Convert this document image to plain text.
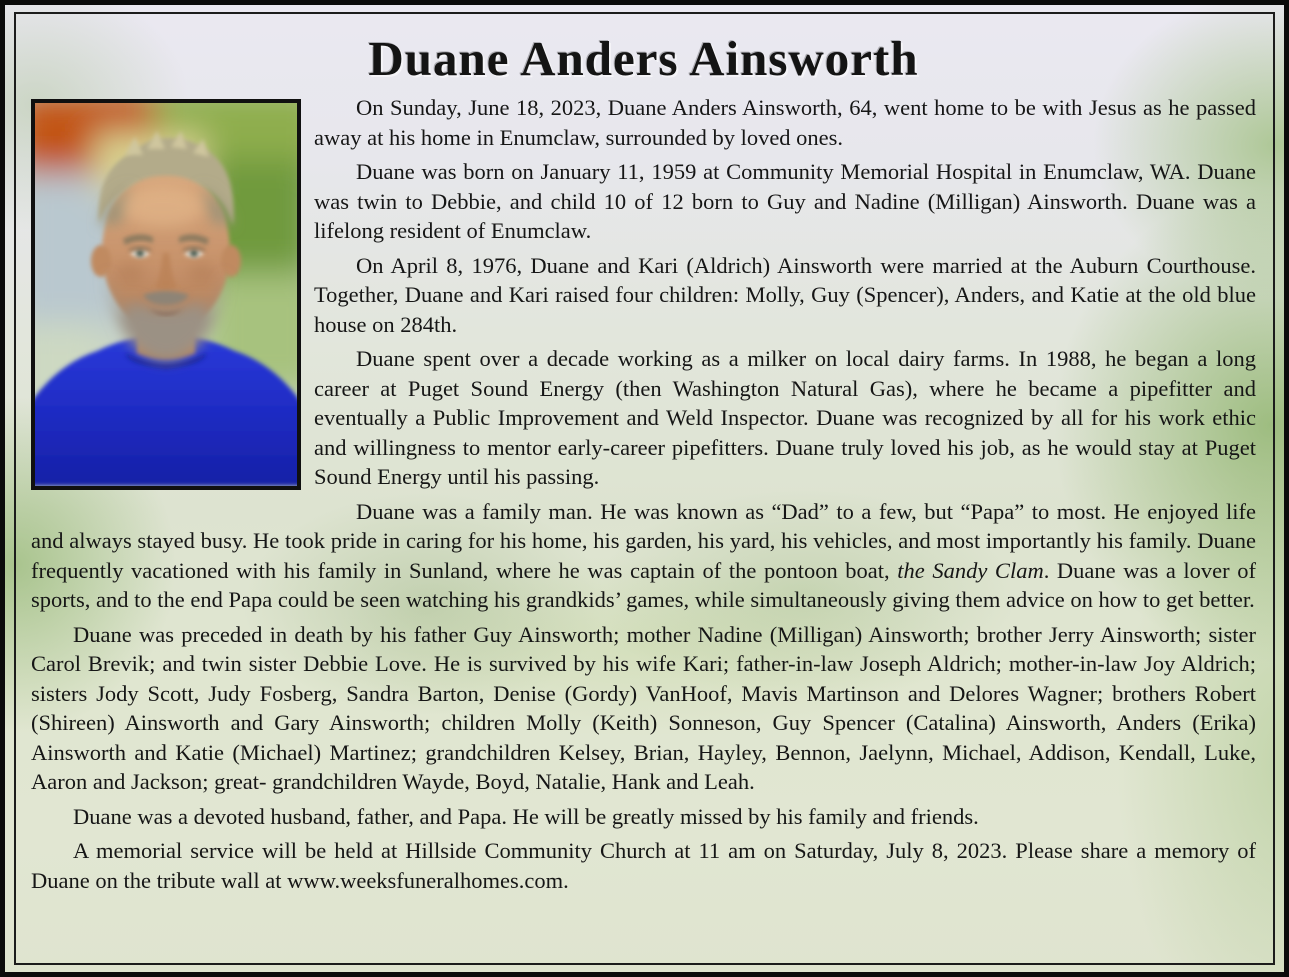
Duane Anders Ainsworth

On Sunday, June 18, 2023, Duane Anders Ainsworth, 64, went home to be with Jesus as he passed away at his home in Enumclaw, surrounded by loved ones.

Duane was born on January 11, 1959 at Community Memorial Hospital in Enumclaw, WA. Duane was twin to Debbie, and child 10 of 12 born to Guy and Nadine (Milligan) Ainsworth. Duane was a lifelong resident of Enumclaw.

On April 8, 1976, Duane and Kari (Aldrich) Ainsworth were married at the Auburn Courthouse. Together, Duane and Kari raised four children: Molly, Guy (Spencer), Anders, and Katie at the old blue house on 284th.

Duane spent over a decade working as a milker on local dairy farms. In 1988, he began a long career at Puget Sound Energy (then Washington Natural Gas), where he became a pipefitter and eventually a Public Improvement and Weld Inspector. Duane was recognized by all for his work ethic and willingness to mentor early-career pipefitters. Duane truly loved his job, as he would stay at Puget Sound Energy until his passing.

Duane was a family man. He was known as “Dad” to a few, but “Papa” to most. He enjoyed life and always stayed busy. He took pride in caring for his home, his garden, his yard, his vehicles, and most importantly his family. Duane frequently vacationed with his family in Sunland, where he was captain of the pontoon boat, the Sandy Clam. Duane was a lover of sports, and to the end Papa could be seen watching his grandkids’ games, while simultaneously giving them advice on how to get better.

Duane was preceded in death by his father Guy Ainsworth; mother Nadine (Milligan) Ainsworth; brother Jerry Ainsworth; sister Carol Brevik; and twin sister Debbie Love. He is survived by his wife Kari; father-in-law Joseph Aldrich; mother-in-law Joy Aldrich; sisters Jody Scott, Judy Fosberg, Sandra Barton, Denise (Gordy) VanHoof, Mavis Martinson and Delores Wagner; brothers Robert (Shireen) Ainsworth and Gary Ainsworth; children Molly (Keith) Sonneson, Guy Spencer (Catalina) Ainsworth, Anders (Erika) Ainsworth and Katie (Michael) Martinez; grandchildren Kelsey, Brian, Hayley, Bennon, Jaelynn, Michael, Addison, Kendall, Luke, Aaron and Jackson; great- grandchildren Wayde, Boyd, Natalie, Hank and Leah.

Duane was a devoted husband, father, and Papa. He will be greatly missed by his family and friends.

A memorial service will be held at Hillside Community Church at 11 am on Saturday, July 8, 2023. Please share a memory of Duane on the tribute wall at www.weeksfuneralhomes.com.
